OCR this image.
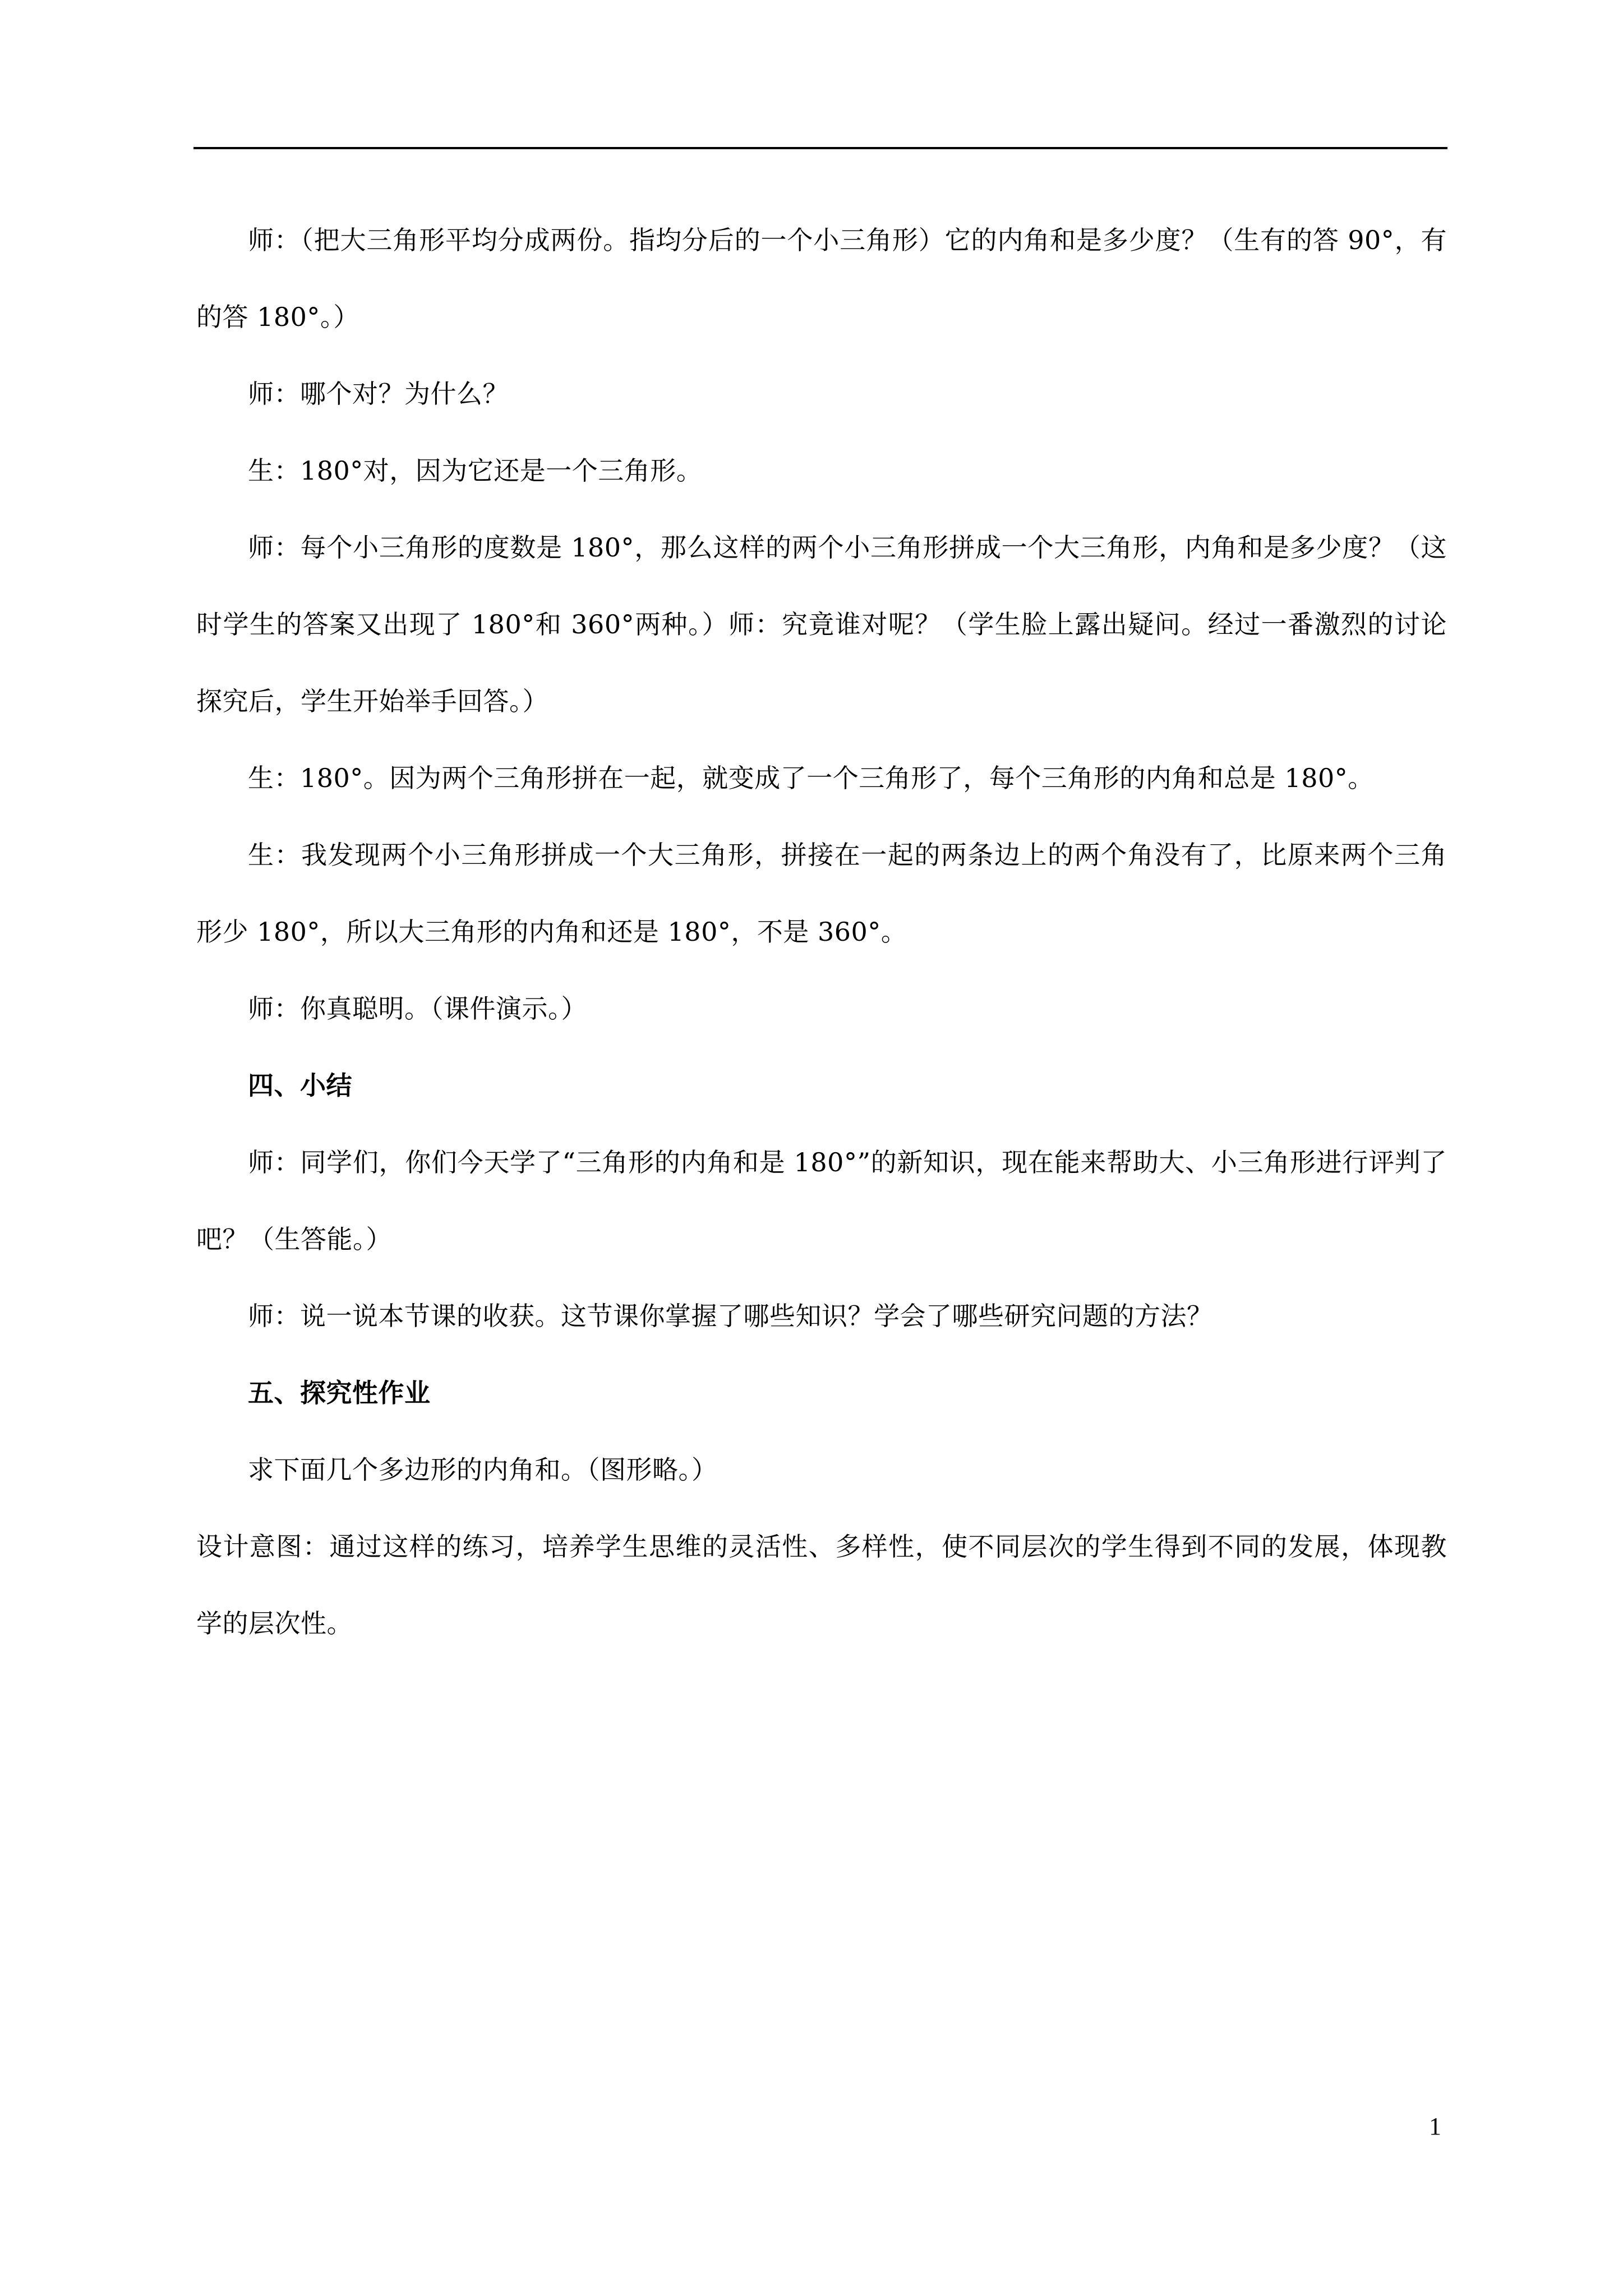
师：（把大三角形平均分成两份。指均分后的一个小三角形）它的内角和是多少度？（生有的答 90°，有的答 180°。）

师：哪个对？为什么？

生：180°对，因为它还是一个三角形。

师：每个小三角形的度数是 180°，那么这样的两个小三角形拼成一个大三角形，内角和是多少度？（这时学生的答案又出现了 180°和 360°两种。）师：究竟谁对呢？（学生脸上露出疑问。经过一番激烈的讨论探究后，学生开始举手回答。）

生：180°。因为两个三角形拼在一起，就变成了一个三角形了，每个三角形的内角和总是 180°。

生：我发现两个小三角形拼成一个大三角形，拼接在一起的两条边上的两个角没有了，比原来两个三角形少 180°，所以大三角形的内角和还是 180°，不是 360°。

师：你真聪明。（课件演示。）

四、小结

师：同学们，你们今天学了“三角形的内角和是 180°”的新知识，现在能来帮助大、小三角形进行评判了吧？（生答能。）

师：说一说本节课的收获。这节课你掌握了哪些知识？学会了哪些研究问题的方法？

五、探究性作业

求下面几个多边形的内角和。（图形略。）

设计意图：通过这样的练习，培养学生思维的灵活性、多样性，使不同层次的学生得到不同的发展，体现教学的层次性。

1
